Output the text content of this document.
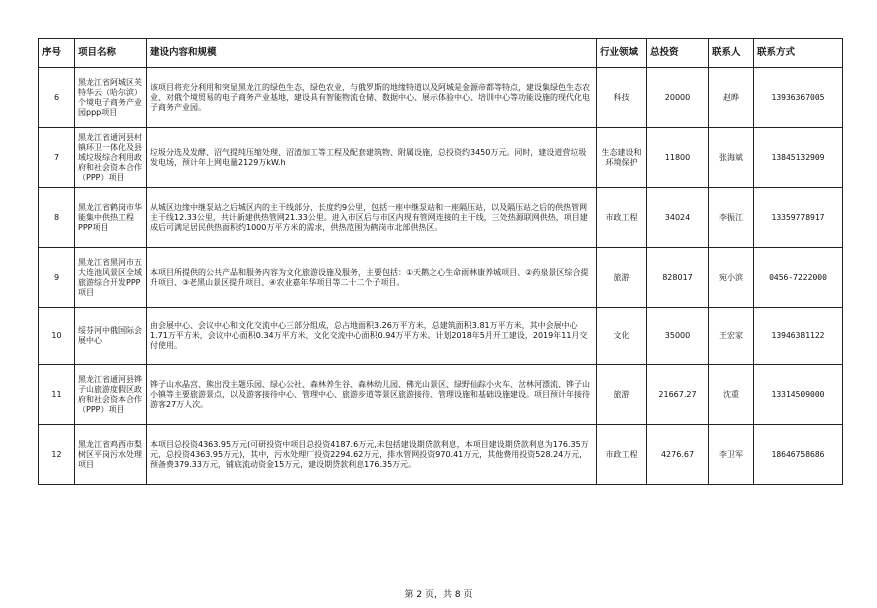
序号	项目名称	建设内容和规模	行业领域	总投资	联系人	联系方式
6	黑龙江省阿城区芙特华云（哈尔滨）个境电子商务产业园ppp项目	该项目将充分利用和突显黑龙江的绿色生态，绿色农业，与俄罗斯的地缘特道以及阿城是金源帝都等特点，建设集绿色生态农业、对俄个境贸易的电子商务产业基地，建设具有智能物流仓储、数据中心、展示体验中心、培训中心等功能设施的现代化电子商务产业园。	科技	20000	赵晔	13936367005
7	黑龙江省通河县村镇环卫一体化及县域垃圾综合利用政府和社会资本合作（PPP）项目	垃圾分选及发酵、沼气提纯压缩处理、沼渣加工等工程及配套建筑物、附属设施，总投资约3450万元。同时，建设道营垃圾发电场，预计年上网电量2129万kW.h	生态建设和环境保护	11800	张海斌	13845132909
8	黑龙江省鹤岗市华能集中供热工程PPP项目	从城区边缘中继泵站之后城区内的主干线部分，长度约9公里，包括一座中继泵站和一座隔压站，以及隔压站之后的供热管网主干线12.33公里，共计新建供热管网21.33公里。进入市区后与市区内现有管网连接的主干线，三处热源联网供热，项目建成后可满足居民供热面积约1000万平方米的需求，供热范围为鹤岗市北部供热区。	市政工程	34024	李振江	13359778917
9	黑龙江省黑河市五大连池风景区全域旅游综合开发PPP项目	本项目所提供的公共产品和服务内容为文化旅游设施及服务，主要包括：①天鹅之心生命雨林康养城项目、②药泉景区综合提升项目、③老黑山景区提升项目、④农业嘉年华项目等二十二个子项目。	旅游	828017	宛小滨	0456-7222000
10	绥芬河中俄国际会展中心	由会展中心、会议中心和文化交流中心三部分组成，总占地面积3.26万平方米，总建筑面积3.81万平方米，其中会展中心1.71万平方米，会议中心面积0.34万平方米，文化交流中心面积0.94万平方米。计划2018年5月开工建设，2019年11月交付使用。	文化	35000	王宏家	13946381122
11	黑龙江省通河县铧子山旅游度假区政府和社会资本合作（PPP）项目	铧子山水晶宫、熊出没主题乐园、绿心公社、森林养生谷、森林幼儿园、佛光山景区、绿野仙踪小火车、岔林河漂流、铧子山小镇等主要旅游景点，以及游客接待中心、管理中心、旅游步道等景区旅游接待、管理设施和基础设施建设。项目预计年接待游客27万人次。	旅游	21667.27	沈重	13314509000
12	黑龙江省鸡西市梨树区平岗污水处理项目	本项目总投资4363.95万元(可研投资中项目总投资4187.6万元,未包括建设期贷款利息，本项目建设期贷款利息为176.35万元，总投资4363.95万元)，其中，污水处理厂投资2294.62万元，排水管网投资970.41万元，其他费用投资528.24万元，预备费379.33万元，铺底流动资金15万元，建设期贷款利息176.35万元。	市政工程	4276.67	李卫军	18646758686
第 2 页，共 8 页
